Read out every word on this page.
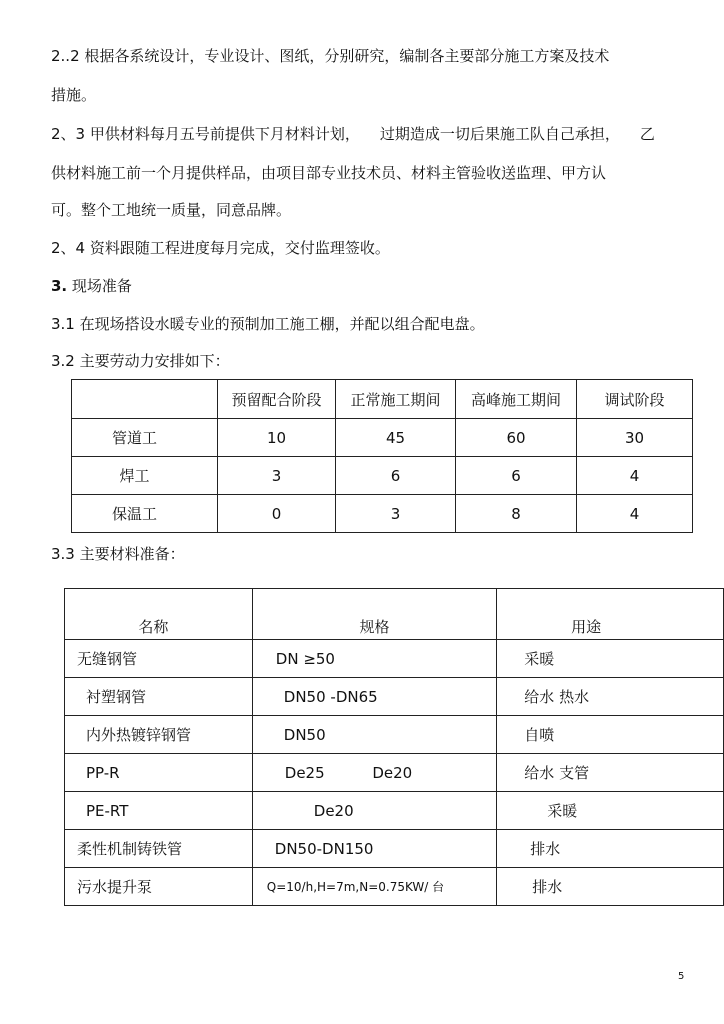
2..2 根据各系统设计，专业设计、图纸，分别研究，编制各主要部分施工方案及技术
措施。
2、3 甲供材料每月五号前提供下月材料计划， 过期造成一切后果施工队自己承担， 乙
供材料施工前一个月提供样品，由项目部专业技术员、材料主管验收送监理、甲方认
可。整个工地统一质量，同意品牌。
2、4 资料跟随工程进度每月完成，交付监理签收。
3. 现场准备
3.1 在现场搭设水暖专业的预制加工施工棚，并配以组合配电盘。
3.2 主要劳动力安排如下：
	预留配合阶段	正常施工期间	高峰施工期间	调试阶段
管道工	10	45	60	30
焊工	3	6	6	4
保温工	0	3	8	4
3.3 主要材料准备：
名称	规格	用途
无缝钢管	DN ≥50	采暖
衬塑钢管	DN50 -DN65	给水 热水
内外热镀锌钢管	DN50	自喷
PP-R	De25          De20	给水 支管
PE-RT	De20	采暖
柔性机制铸铁管	DN50-DN150	排水
污水提升泵	Q=10/h,H=7m,N=0.75KW/ 台	排水
5
